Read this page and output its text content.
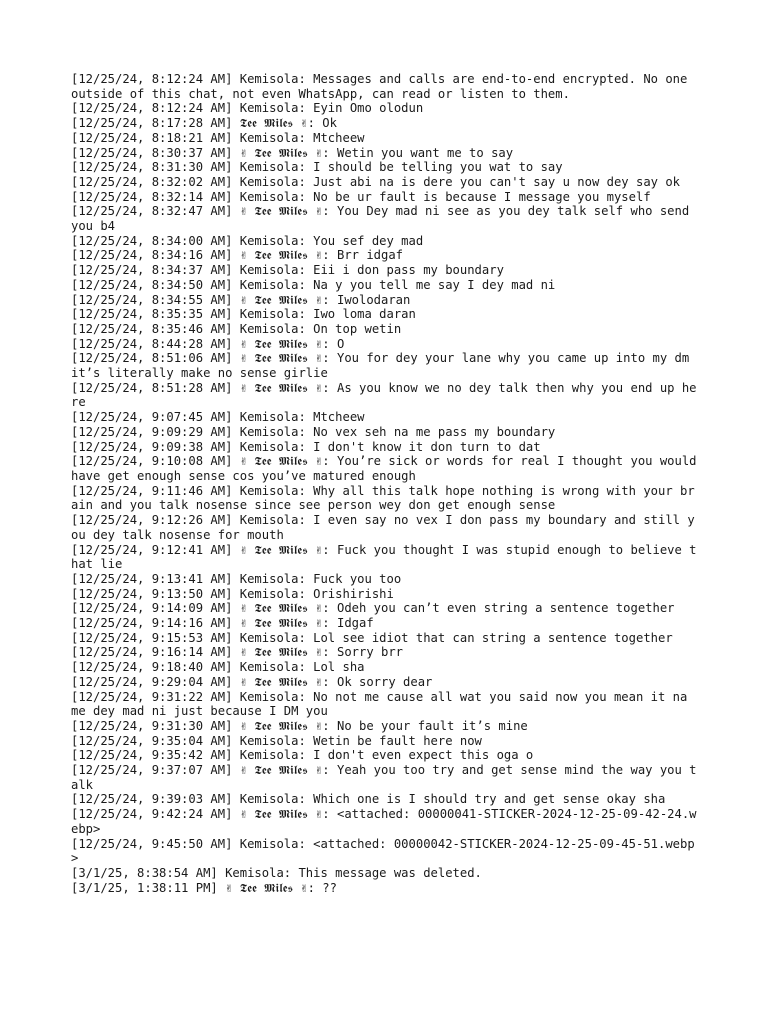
[12/25/24, 8:12:24 AM] Kemisola: Messages and calls are end-to-end encrypted. No one outside of this chat, not even WhatsApp, can read or listen to them.
[12/25/24, 8:12:24 AM] Kemisola: Eyin Omo olodun
[12/25/24, 8:17:28 AM] 𝕿𝖊𝖊 𝕸𝖎𝖑𝖊𝖘 ✌: Ok
[12/25/24, 8:18:21 AM] Kemisola: Mtcheew
[12/25/24, 8:30:37 AM] ✌ 𝕿𝖊𝖊 𝕸𝖎𝖑𝖊𝖘 ✌: Wetin you want me to say
[12/25/24, 8:31:30 AM] Kemisola: I should be telling you wat to say
[12/25/24, 8:32:02 AM] Kemisola: Just abi na is dere you can't say u now dey say ok
[12/25/24, 8:32:14 AM] Kemisola: No be ur fault is because I message you myself
[12/25/24, 8:32:47 AM] ✌ 𝕿𝖊𝖊 𝕸𝖎𝖑𝖊𝖘 ✌: You Dey mad ni see as you dey talk self who send you b4
[12/25/24, 8:34:00 AM] Kemisola: You sef dey mad
[12/25/24, 8:34:16 AM] ✌ 𝕿𝖊𝖊 𝕸𝖎𝖑𝖊𝖘 ✌: Brr idgaf
[12/25/24, 8:34:37 AM] Kemisola: Eii i don pass my boundary
[12/25/24, 8:34:50 AM] Kemisola: Na y you tell me say I dey mad ni
[12/25/24, 8:34:55 AM] ✌ 𝕿𝖊𝖊 𝕸𝖎𝖑𝖊𝖘 ✌: Iwolodaran
[12/25/24, 8:35:35 AM] Kemisola: Iwo loma daran
[12/25/24, 8:35:46 AM] Kemisola: On top wetin
[12/25/24, 8:44:28 AM] ✌ 𝕿𝖊𝖊 𝕸𝖎𝖑𝖊𝖘 ✌: O
[12/25/24, 8:51:06 AM] ✌ 𝕿𝖊𝖊 𝕸𝖎𝖑𝖊𝖘 ✌: You for dey your lane why you came up into my dm it’s literally make no sense girlie
[12/25/24, 8:51:28 AM] ✌ 𝕿𝖊𝖊 𝕸𝖎𝖑𝖊𝖘 ✌: As you know we no dey talk then why you end up here
[12/25/24, 9:07:45 AM] Kemisola: Mtcheew
[12/25/24, 9:09:29 AM] Kemisola: No vex seh na me pass my boundary
[12/25/24, 9:09:38 AM] Kemisola: I don't know it don turn to dat
[12/25/24, 9:10:08 AM] ✌ 𝕿𝖊𝖊 𝕸𝖎𝖑𝖊𝖘 ✌: You’re sick or words for real I thought you would have get enough sense cos you’ve matured enough
[12/25/24, 9:11:46 AM] Kemisola: Why all this talk hope nothing is wrong with your brain and you talk nosense since see person wey don get enough sense
[12/25/24, 9:12:26 AM] Kemisola: I even say no vex I don pass my boundary and still you dey talk nosense for mouth
[12/25/24, 9:12:41 AM] ✌ 𝕿𝖊𝖊 𝕸𝖎𝖑𝖊𝖘 ✌: Fuck you thought I was stupid enough to believe that lie
[12/25/24, 9:13:41 AM] Kemisola: Fuck you too
[12/25/24, 9:13:50 AM] Kemisola: Orishirishi
[12/25/24, 9:14:09 AM] ✌ 𝕿𝖊𝖊 𝕸𝖎𝖑𝖊𝖘 ✌: Odeh you can’t even string a sentence together
[12/25/24, 9:14:16 AM] ✌ 𝕿𝖊𝖊 𝕸𝖎𝖑𝖊𝖘 ✌: Idgaf
[12/25/24, 9:15:53 AM] Kemisola: Lol see idiot that can string a sentence together
[12/25/24, 9:16:14 AM] ✌ 𝕿𝖊𝖊 𝕸𝖎𝖑𝖊𝖘 ✌: Sorry brr
[12/25/24, 9:18:40 AM] Kemisola: Lol sha
[12/25/24, 9:29:04 AM] ✌ 𝕿𝖊𝖊 𝕸𝖎𝖑𝖊𝖘 ✌: Ok sorry dear
[12/25/24, 9:31:22 AM] Kemisola: No not me cause all wat you said now you mean it na me dey mad ni just because I DM you
[12/25/24, 9:31:30 AM] ✌ 𝕿𝖊𝖊 𝕸𝖎𝖑𝖊𝖘 ✌: No be your fault it’s mine
[12/25/24, 9:35:04 AM] Kemisola: Wetin be fault here now
[12/25/24, 9:35:42 AM] Kemisola: I don't even expect this oga o
[12/25/24, 9:37:07 AM] ✌ 𝕿𝖊𝖊 𝕸𝖎𝖑𝖊𝖘 ✌: Yeah you too try and get sense mind the way you talk
[12/25/24, 9:39:03 AM] Kemisola: Which one is I should try and get sense okay sha
[12/25/24, 9:42:24 AM] ✌ 𝕿𝖊𝖊 𝕸𝖎𝖑𝖊𝖘 ✌: <attached: 00000041-STICKER-2024-12-25-09-42-24.webp>
[12/25/24, 9:45:50 AM] Kemisola: <attached: 00000042-STICKER-2024-12-25-09-45-51.webp>
[3/1/25, 8:38:54 AM] Kemisola: This message was deleted.
[3/1/25, 1:38:11 PM] ✌ 𝕿𝖊𝖊 𝕸𝖎𝖑𝖊𝖘 ✌: ??
